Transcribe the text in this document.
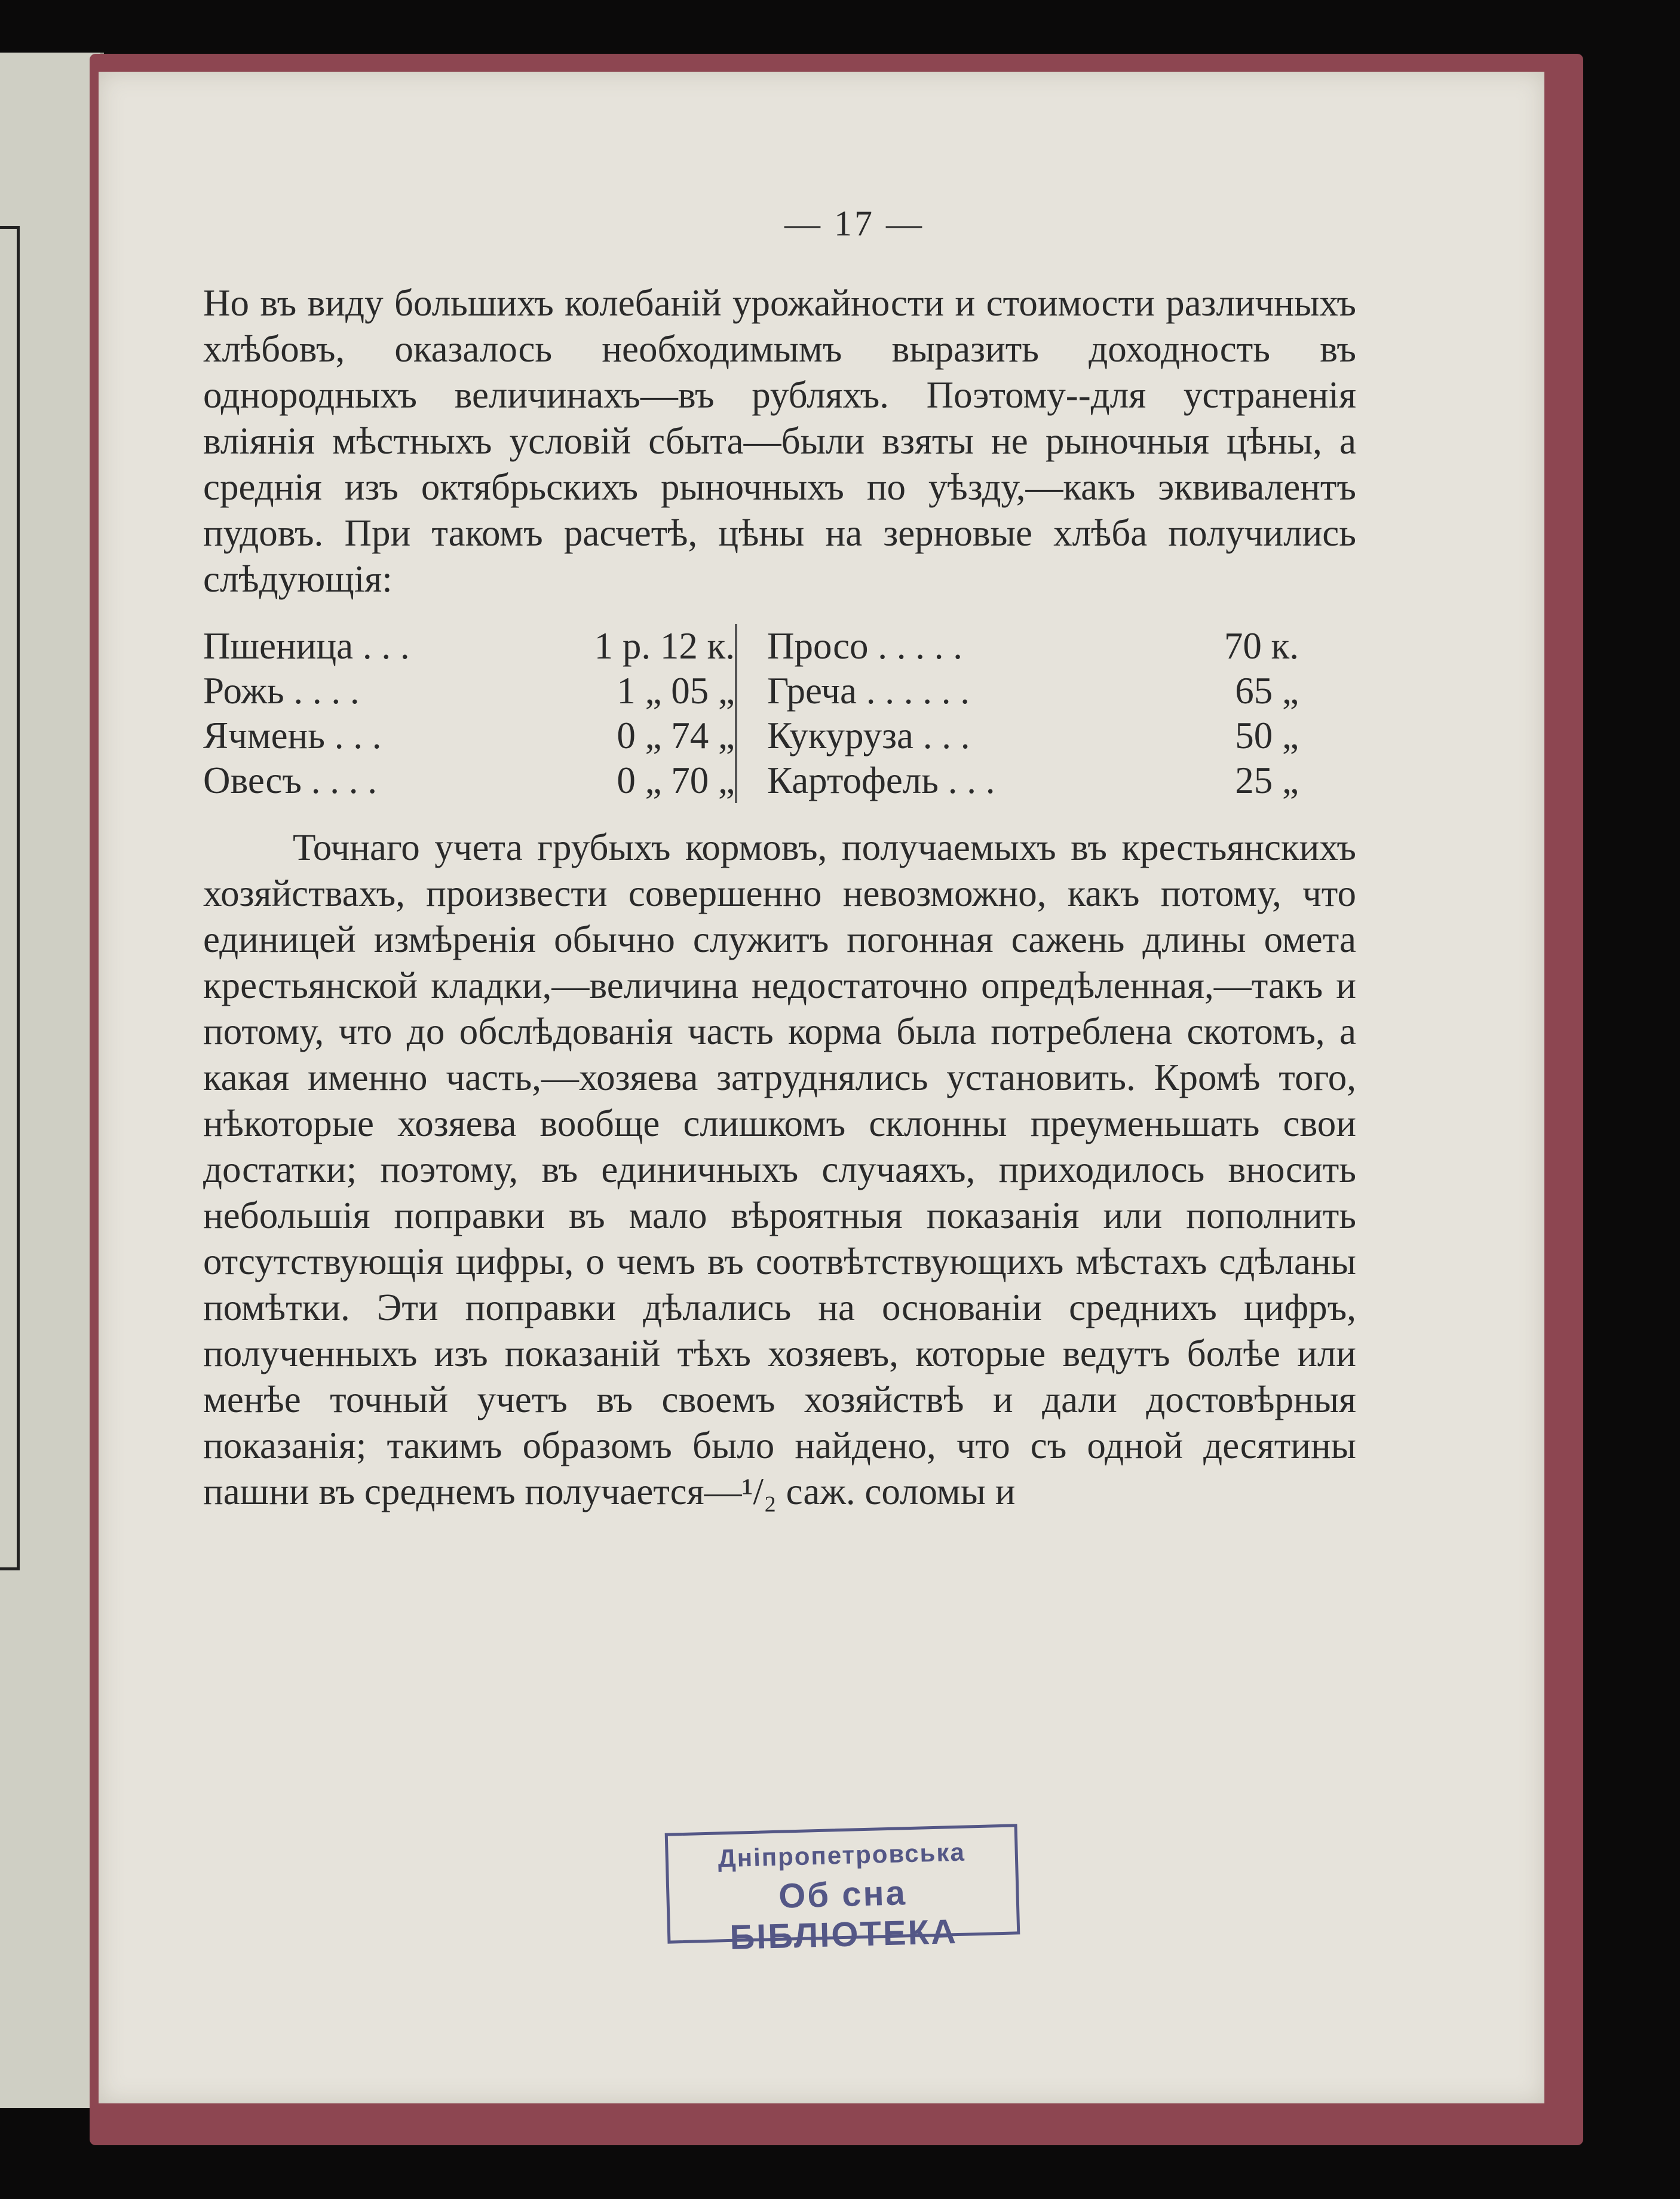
— 17 —

Но въ виду большихъ колебаній урожайности и стоимости различныхъ хлѣбовъ, оказалось необходимымъ выразить доходность въ однородныхъ величинахъ—въ рубляхъ. Поэтому--для устраненія вліянія мѣстныхъ условій сбыта—были взяты не рыночныя цѣны, а среднія изъ октябрьскихъ рыночныхъ по уѣзду,—какъ эквивалентъ пудовъ. При такомъ расчетѣ, цѣны на зерновые хлѣба получились слѣдующія:

Пшеница . . .	1 р. 12 к.
Рожь . . . .	1 „ 05 „
Ячмень . . .	0 „ 74 „
Овесъ . . . .	0 „ 70 „
Просо . . . . .	70 к.
Греча . . . . . .	65 „
Кукуруза . . .	50 „
Картофель . . .	25 „

Точнаго учета грубыхъ кормовъ, получаемыхъ въ крестьянскихъ хозяйствахъ, произвести совершенно невозможно, какъ потому, что единицей измѣренія обычно служитъ погонная сажень длины омета крестьянской кладки,—величина недостаточно опредѣленная,—такъ и потому, что до обслѣдованія часть корма была потреблена скотомъ, а какая именно часть,—хозяева затруднялись установить. Кромѣ того, нѣкоторые хозяева вообще слишкомъ склонны преуменьшать свои достатки; поэтому, въ единичныхъ случаяхъ, приходилось вносить небольшія поправки въ мало вѣроятныя показанія или пополнить отсутствующія цифры, о чемъ въ соотвѣтствующихъ мѣстахъ сдѣланы помѣтки. Эти поправки дѣлались на основаніи среднихъ цифръ, полученныхъ изъ показаній тѣхъ хозяевъ, которые ведутъ болѣе или менѣе точный учетъ въ своемъ хозяйствѣ и дали достовѣрныя показанія; такимъ образомъ было найдено, что съ одной десятины пашни въ среднемъ получается—¹/₂ саж. соломы и

Дніпропетровська
Об сна БІБЛІОТЕКА
